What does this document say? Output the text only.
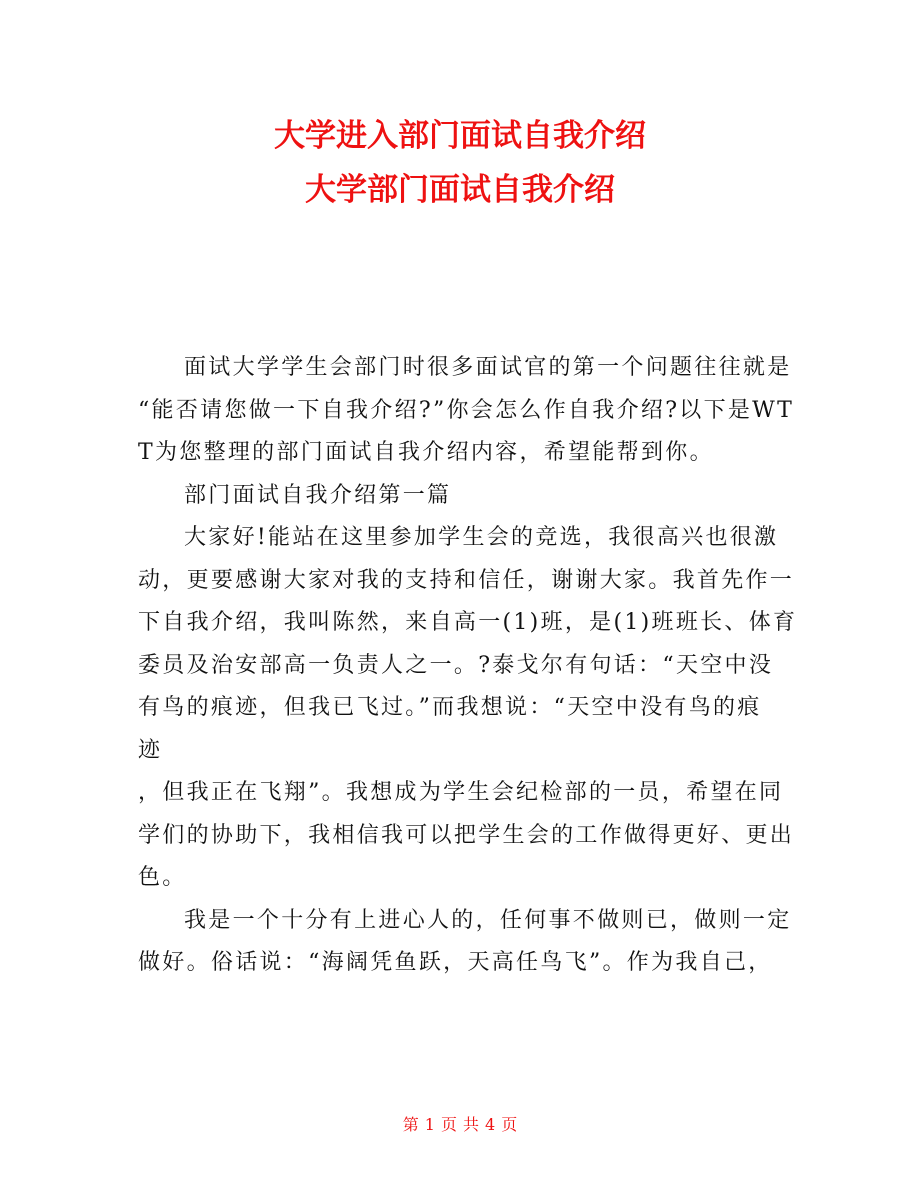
大学进入部门面试自我介绍
大学部门面试自我介绍
面试大学学生会部门时很多面试官的第一个问题往往就是
“能否请您做一下自我介绍?”你会怎么作自我介绍?以下是WT
T为您整理的部门面试自我介绍内容，希望能帮到你。
部门面试自我介绍第一篇
大家好!能站在这里参加学生会的竞选，我很高兴也很激
动，更要感谢大家对我的支持和信任，谢谢大家。我首先作一
下自我介绍，我叫陈然，来自高一(1)班，是(1)班班长、体育
委员及治安部高一负责人之一。?泰戈尔有句话：“天空中没
有鸟的痕迹，但我已飞过。”而我想说：“天空中没有鸟的痕
迹
，但我正在飞翔”。我想成为学生会纪检部的一员，希望在同
学们的协助下，我相信我可以把学生会的工作做得更好、更出
色。
我是一个十分有上进心人的，任何事不做则已，做则一定
做好。俗话说：“海阔凭鱼跃，天高任鸟飞”。作为我自己，
第 1 页 共 4 页
